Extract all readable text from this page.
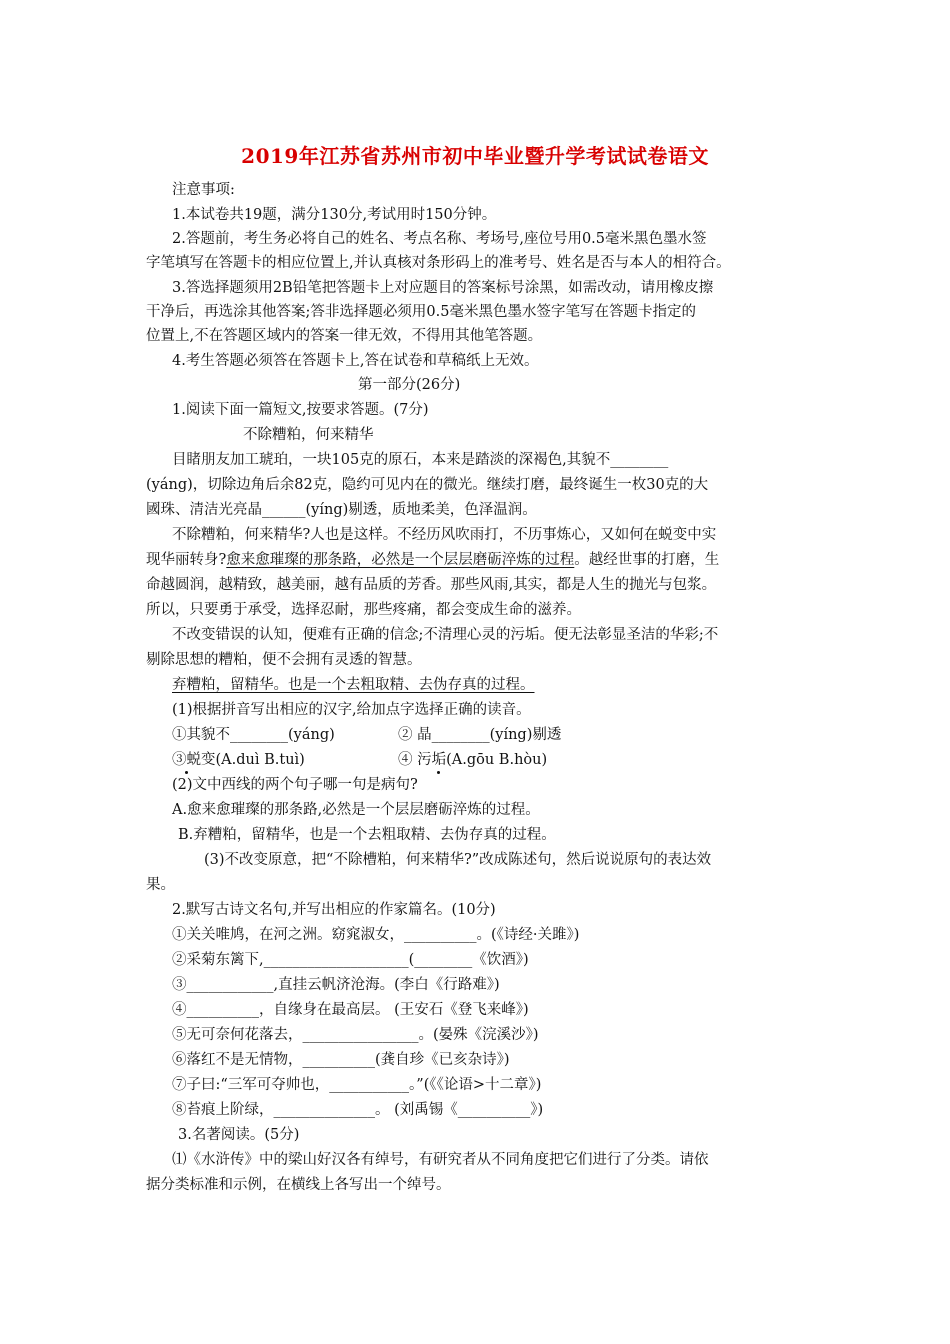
2019年江苏省苏州市初中毕业暨升学考试试卷语文
注意事项:
1.本试卷共19题，满分130分,考试用时150分钟。
2.答题前，考生务必将自己的姓名、考点名称、考场号,座位号用0.5毫米黑色墨水签
字笔填写在答题卡的相应位置上,并认真核对条形码上的准考号、姓名是否与本人的相符合。
3.答选择题须用2B铅笔把答题卡上对应题目的答案标号涂黑，如需改动，请用橡皮擦
干净后，再选涂其他答案;答非选择题必须用0.5毫米黑色墨水签字笔写在答题卡指定的
位置上,不在答题区域内的答案一律无效，不得用其他笔答题。
4.考生答题必须答在答题卡上,答在试卷和草稿纸上无效。
第一部分(26分)
1.阅读下面一篇短文,按要求答题。(7分)
不除糟粕，何来精华
目睹朋友加工琥珀，一块105克的原石，本来是踏淡的深褐色,其貌不________
(yáng)，切除边角后余82克，隐约可见内在的微光。继续打磨，最终诞生一枚30克的大
國珠、清洁光亮晶______(yíng)剔透，质地柔美，色泽温润。
不除糟粕，何来精华?人也是这样。不经历风吹雨打，不历事炼心，又如何在蜕变中实
现华丽转身?愈来愈璀璨的那条路，必然是一个层层磨砺淬炼的过程。越经世事的打磨，生
命越圆润，越精致，越美丽，越有品质的芳香。那些风雨,其实，都是人生的抛光与包浆。
所以，只要勇于承受，选择忍耐，那些疼痛，都会变成生命的滋养。
不改变错误的认知，便难有正确的信念;不清理心灵的污垢。便无法彰显圣洁的华彩;不
剔除思想的糟粕，便不会拥有灵透的智慧。
弃糟粕，留精华。也是一个去粗取精、去伪存真的过程。
(1)根据拼音写出相应的汉字,给加点字选择正确的读音。
①其貌不________(yáng)	② 晶________(yíng)剔透
③蜕变(A.duì B.tuì)	④ 污垢(A.gōu B.hòu)
(2)文中西线的两个句子哪一句是病句?
A.愈来愈璀璨的那条路,必然是一个层层磨砺淬炼的过程。
B.弃糟粕，留精华，也是一个去粗取精、去伪存真的过程。
(3)不改变原意，把“不除槽粕，何来精华?”改成陈述句，然后说说原句的表达效
果。
2.默写古诗文名句,并写出相应的作家篇名。(10分)
①关关唯鸠，在河之洲。窈窕淑女，__________。(《诗经·关雎》)
②采菊东篱下,____________________(________《饮酒》)
③____________,直挂云帆济沧海。(李白《行路难》)
④__________，自缘身在最高层。 (王安石《登飞来峰》)
⑤无可奈何花落去，________________。(晏殊《浣溪沙》)
⑥落红不是无情物，__________(龚自珍《已亥杂诗》)
⑦子曰:“三军可夺帅也，___________。”(《《论语>十二章》)
⑧苔痕上阶绿，______________。 (刘禹锡《__________》)
3.名著阅读。(5分)
⑴《水浒传》中的梁山好汉各有绰号，有研究者从不同角度把它们进行了分类。请依
据分类标准和示例，在横线上各写出一个绰号。
